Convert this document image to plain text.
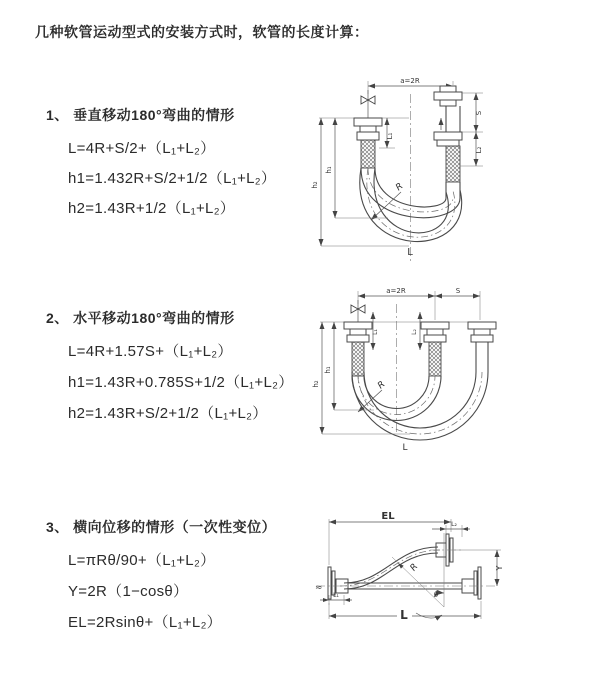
几种软管运动型式的安装方式时，软管的长度计算：
1、 垂直移动180°弯曲的情形
L=4R+S/2+（L₁+L₂）
h1=1.432R+S/2+1/2（L₁+L₂）
h2=1.43R+1/2（L₁+L₂）
2、 水平移动180°弯曲的情形
L=4R+1.57S+（L₁+L₂）
h1=1.43R+0.785S+1/2（L₁+L₂）
h2=1.43R+S/2+1/2（L₁+L₂）
3、 横向位移的情形（一次性变位）
L=πRθ/90+（L₁+L₂）
Y=2R（1−cosθ）
EL=2Rsinθ+（L₁+L₂）
a=2R
L₁
S
L₂
R
h₁
h₂
L
a=2R	S
L₁	L₂
R
h₁
h₂
L
EL
L₂
≈
R
θ
Y
L₁
L
